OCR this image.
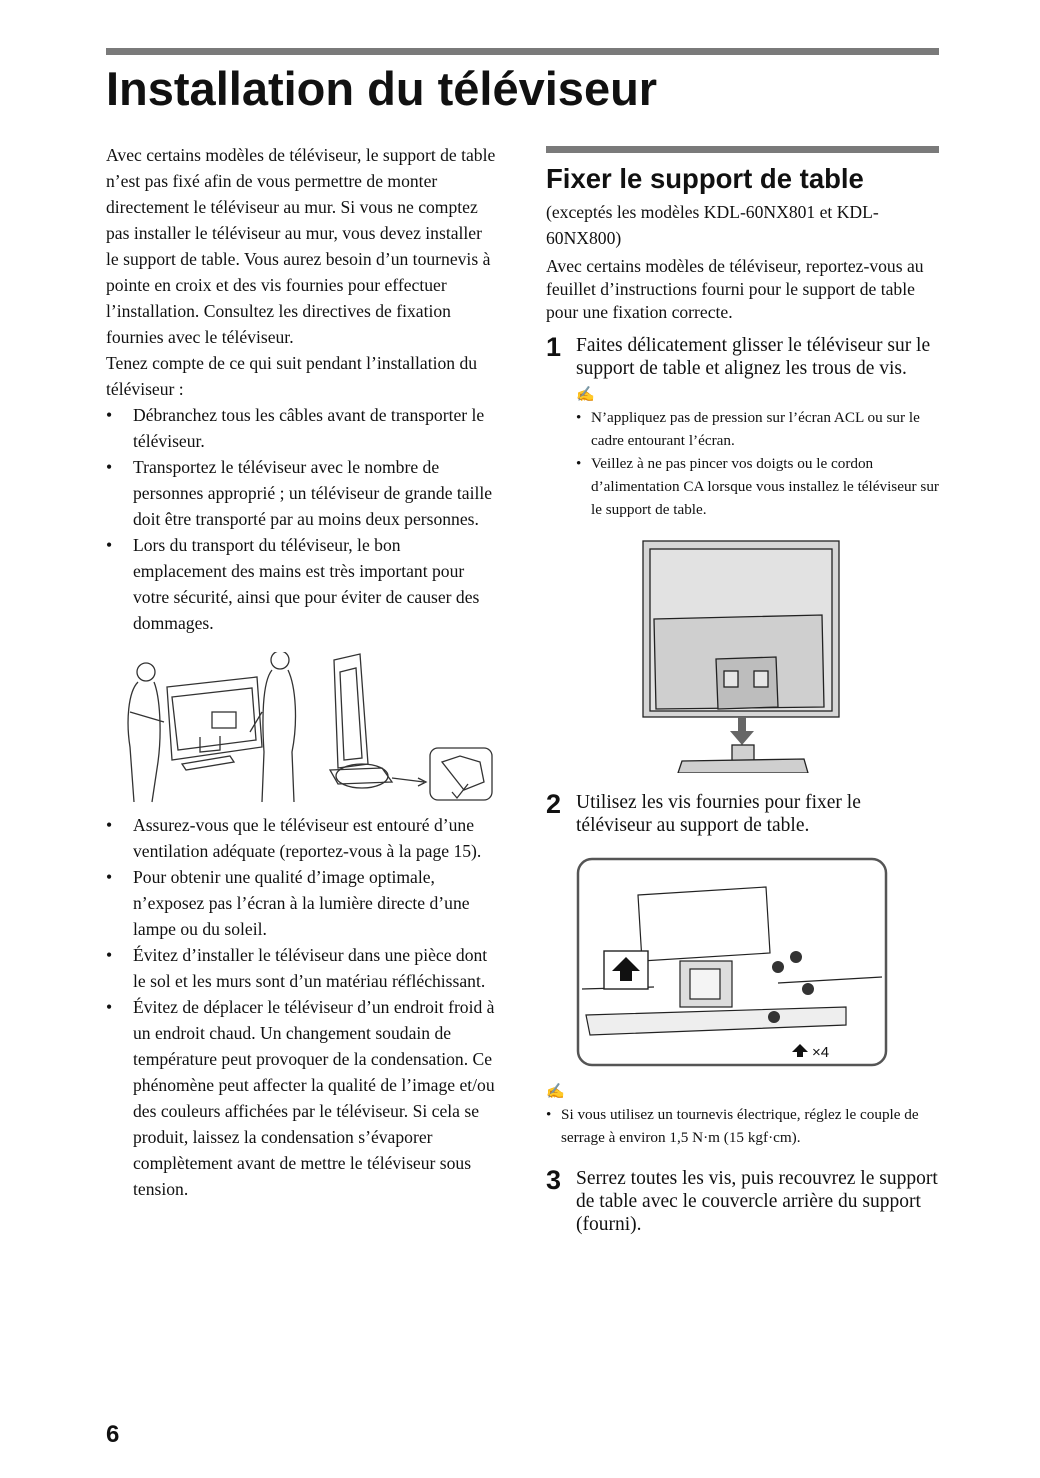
Installation du téléviseur

Avec certains modèles de téléviseur, le support de table n’est pas fixé afin de vous permettre de monter directement le téléviseur au mur. Si vous ne comptez pas installer le téléviseur au mur, vous devez installer le support de table. Vous aurez besoin d’un tournevis à pointe en croix et des vis fournies pour effectuer l’installation. Consultez les directives de fixation fournies avec le téléviseur.

Tenez compte de ce qui suit pendant l’installation du téléviseur :

• Débranchez tous les câbles avant de transporter le téléviseur.
• Transportez le téléviseur avec le nombre de personnes approprié ; un téléviseur de grande taille doit être transporté par au moins deux personnes.
• Lors du transport du téléviseur, le bon emplacement des mains est très important pour votre sécurité, ainsi que pour éviter de causer des dommages.
• Assurez-vous que le téléviseur est entouré d’une ventilation adéquate (reportez-vous à la page 15).
• Pour obtenir une qualité d’image optimale, n’exposez pas l’écran à la lumière directe d’une lampe ou du soleil.
• Évitez d’installer le téléviseur dans une pièce dont le sol et les murs sont d’un matériau réfléchissant.
• Évitez de déplacer le téléviseur d’un endroit froid à un endroit chaud. Un changement soudain de température peut provoquer de la condensation. Ce phénomène peut affecter la qualité de l’image et/ou des couleurs affichées par le téléviseur. Si cela se produit, laissez la condensation s’évaporer complètement avant de mettre le téléviseur sous tension.
Fixer le support de table

(exceptés les modèles KDL-60NX801 et KDL-60NX800)

Avec certains modèles de téléviseur, reportez-vous au feuillet d’instructions fourni pour le support de table pour une fixation correcte.

1 Faites délicatement glisser le téléviseur sur le support de table et alignez les trous de vis.

✍
• N’appliquez pas de pression sur l’écran ACL ou sur le cadre entourant l’écran.
• Veillez à ne pas pincer vos doigts ou le cordon d’alimentation CA lorsque vous installez le téléviseur sur le support de table.
2 Utilisez les vis fournies pour fixer le téléviseur au support de table.

×4
✍
• Si vous utilisez un tournevis électrique, réglez le couple de serrage à environ 1,5 N·m (15 kgf·cm).
3 Serrez toutes les vis, puis recouvrez le support de table avec le couvercle arrière du support (fourni).

6
